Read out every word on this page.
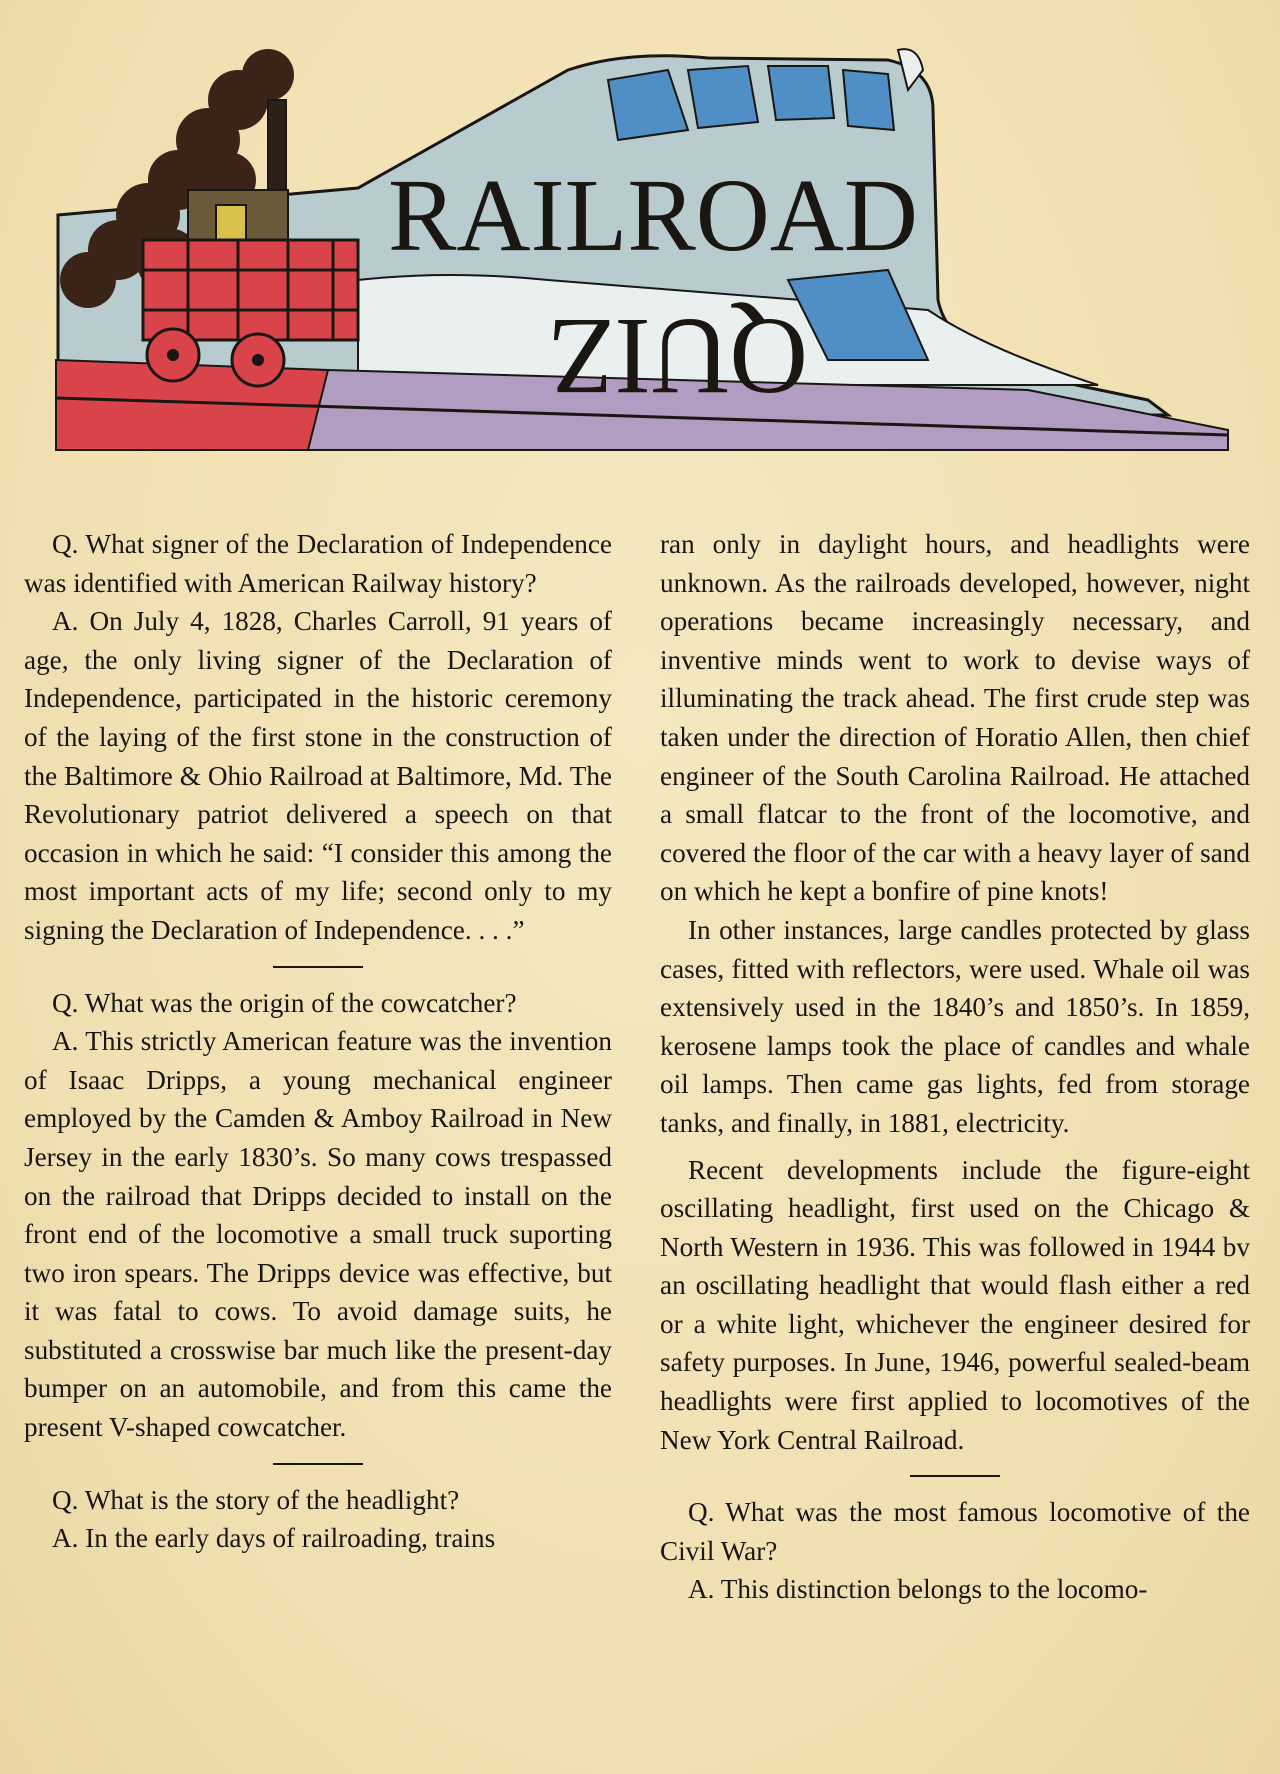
RAILROAD
QUIZ

Q. What signer of the Declaration of Independence was identified with American Railway history?

A. On July 4, 1828, Charles Carroll, 91 years of age, the only living signer of the Declaration of Independence, participated in the historic ceremony of the laying of the first stone in the construction of the Baltimore & Ohio Railroad at Baltimore, Md. The Revolutionary patriot delivered a speech on that occasion in which he said: “I consider this among the most important acts of my life; second only to my signing the Declaration of Independence. . . .”

Q. What was the origin of the cowcatcher?

A. This strictly American feature was the invention of Isaac Dripps, a young mechanical engineer employed by the Camden & Amboy Railroad in New Jersey in the early 1830’s. So many cows trespassed on the railroad that Dripps decided to install on the front end of the locomotive a small truck suporting two iron spears. The Dripps device was effective, but it was fatal to cows. To avoid damage suits, he substituted a crosswise bar much like the present-day bumper on an automobile, and from this came the present V-shaped cowcatcher.

Q. What is the story of the headlight?

A. In the early days of railroading, trains

ran only in daylight hours, and headlights were unknown. As the railroads developed, however, night operations became increasingly necessary, and inventive minds went to work to devise ways of illuminating the track ahead. The first crude step was taken under the direction of Horatio Allen, then chief engineer of the South Carolina Railroad. He attached a small flatcar to the front of the locomotive, and covered the floor of the car with a heavy layer of sand on which he kept a bonfire of pine knots!

In other instances, large candles protected by glass cases, fitted with reflectors, were used. Whale oil was extensively used in the 1840’s and 1850’s. In 1859, kerosene lamps took the place of candles and whale oil lamps. Then came gas lights, fed from storage tanks, and finally, in 1881, electricity.

Recent developments include the figure-eight oscillating headlight, first used on the Chicago & North Western in 1936. This was followed in 1944 bv an oscillating headlight that would flash either a red or a white light, whichever the engineer desired for safety purposes. In June, 1946, powerful sealed-beam headlights were first applied to locomotives of the New York Central Railroad.

Q. What was the most famous locomotive of the Civil War?

A. This distinction belongs to the locomo-
